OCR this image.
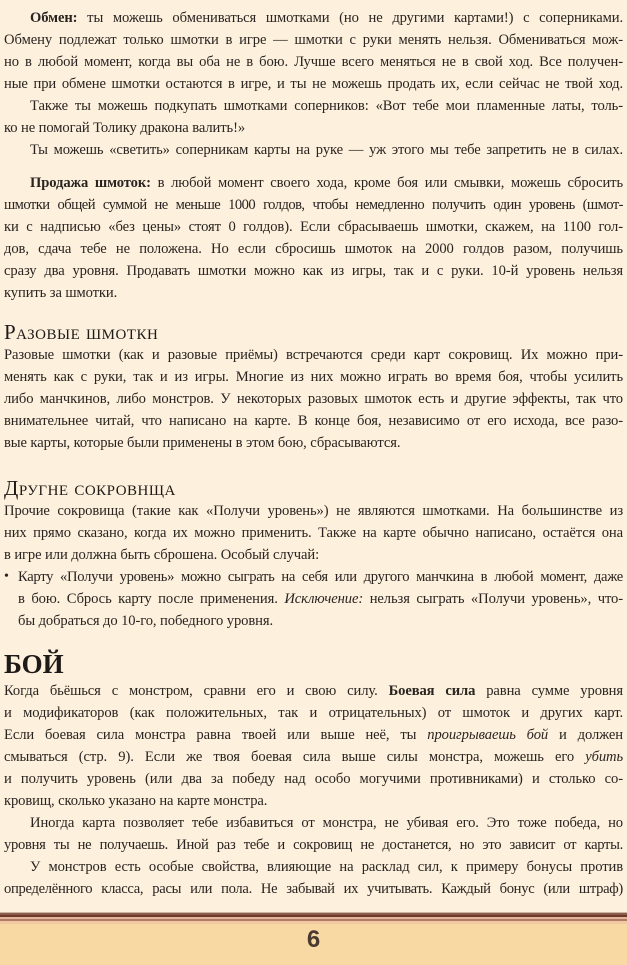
Обмен: ты можешь обмениваться шмотками (но не другими картами!) с соперниками.
Обмену подлежат только шмотки в игре — шмотки с руки менять нельзя. Обмениваться мож-
но в любой момент, когда вы оба не в бою. Лучше всего меняться не в свой ход. Все получен-
ные при обмене шмотки остаются в игре, и ты не можешь продать их, если сейчас не твой ход.
Также ты можешь подкупать шмотками соперников: «Вот тебе мои пламенные латы, толь-
ко не помогай Толику дракона валить!»
Ты можешь «светить» соперникам карты на руке — уж этого мы тебе запретить не в силах.
Продажа шмоток: в любой момент своего хода, кроме боя или смывки, можешь сбросить
шмотки общей суммой не меньше 1000 голдов, чтобы немедленно получить один уровень (шмот-
ки с надписью «без цены» стоят 0 голдов). Если сбрасываешь шмотки, скажем, на 1100 гол-
дов, сдача тебе не положена. Но если сбросишь шмоток на 2000 голдов разом, получишь
сразу два уровня. Продавать шмотки можно как из игры, так и с руки. 10-й уровень нельзя
купить за шмотки.
Разовые шмоткн
Разовые шмотки (как и разовые приёмы) встречаются среди карт сокровищ. Их можно при-
менять как с руки, так и из игры. Многие из них можно играть во время боя, чтобы усилить
либо манчкинов, либо монстров. У некоторых разовых шмоток есть и другие эффекты, так что
внимательнее читай, что написано на карте. В конце боя, независимо от его исхода, все разо-
вые карты, которые были применены в этом бою, сбрасываются.
Другне сокровнща
Прочие сокровища (такие как «Получи уровень») не являются шмотками. На большинстве из
них прямо сказано, когда их можно применить. Также на карте обычно написано, остаётся она
в игре или должна быть сброшена. Особый случай:
• Карту «Получи уровень» можно сыграть на себя или другого манчкина в любой момент, даже
в бою. Сбрось карту после применения. Исключение: нельзя сыграть «Получи уровень», что-
бы добраться до 10-го, победного уровня.
БОЙ
Когда бьёшься с монстром, сравни его и свою силу. Боевая сила равна сумме уровня
и модификаторов (как положительных, так и отрицательных) от шмоток и других карт.
Если боевая сила монстра равна твоей или выше неё, ты проигрываешь бой и должен
смываться (стр. 9). Если же твоя боевая сила выше силы монстра, можешь его убить
и получить уровень (или два за победу над особо могучими противниками) и столько со-
кровищ, сколько указано на карте монстра.
Иногда карта позволяет тебе избавиться от монстра, не убивая его. Это тоже победа, но
уровня ты не получаешь. Иной раз тебе и сокровищ не достанется, но это зависит от карты.
У монстров есть особые свойства, влияющие на расклад сил, к примеру бонусы против
определённого класса, расы или пола. Не забывай их учитывать. Каждый бонус (или штраф)
6
